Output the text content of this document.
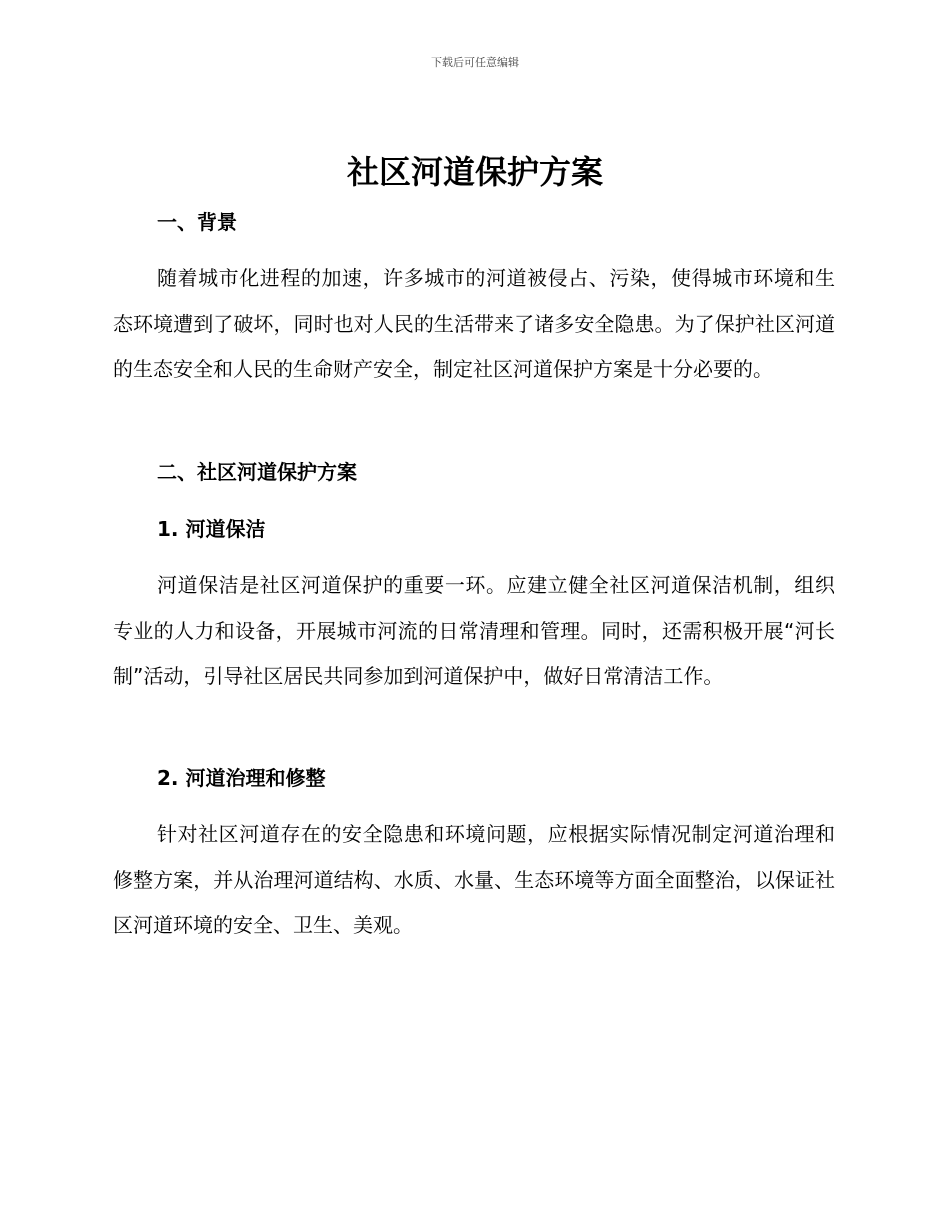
下载后可任意编辑
社区河道保护方案
一、背景

随着城市化进程的加速，许多城市的河道被侵占、污染，使得城市环境和生态环境遭到了破坏，同时也对人民的生活带来了诸多安全隐患。为了保护社区河道的生态安全和人民的生命财产安全，制定社区河道保护方案是十分必要的。

二、社区河道保护方案
1. 河道保洁

河道保洁是社区河道保护的重要一环。应建立健全社区河道保洁机制，组织专业的人力和设备，开展城市河流的日常清理和管理。同时，还需积极开展“河长制”活动，引导社区居民共同参加到河道保护中，做好日常清洁工作。

2. 河道治理和修整

针对社区河道存在的安全隐患和环境问题，应根据实际情况制定河道治理和修整方案，并从治理河道结构、水质、水量、生态环境等方面全面整治，以保证社区河道环境的安全、卫生、美观。
